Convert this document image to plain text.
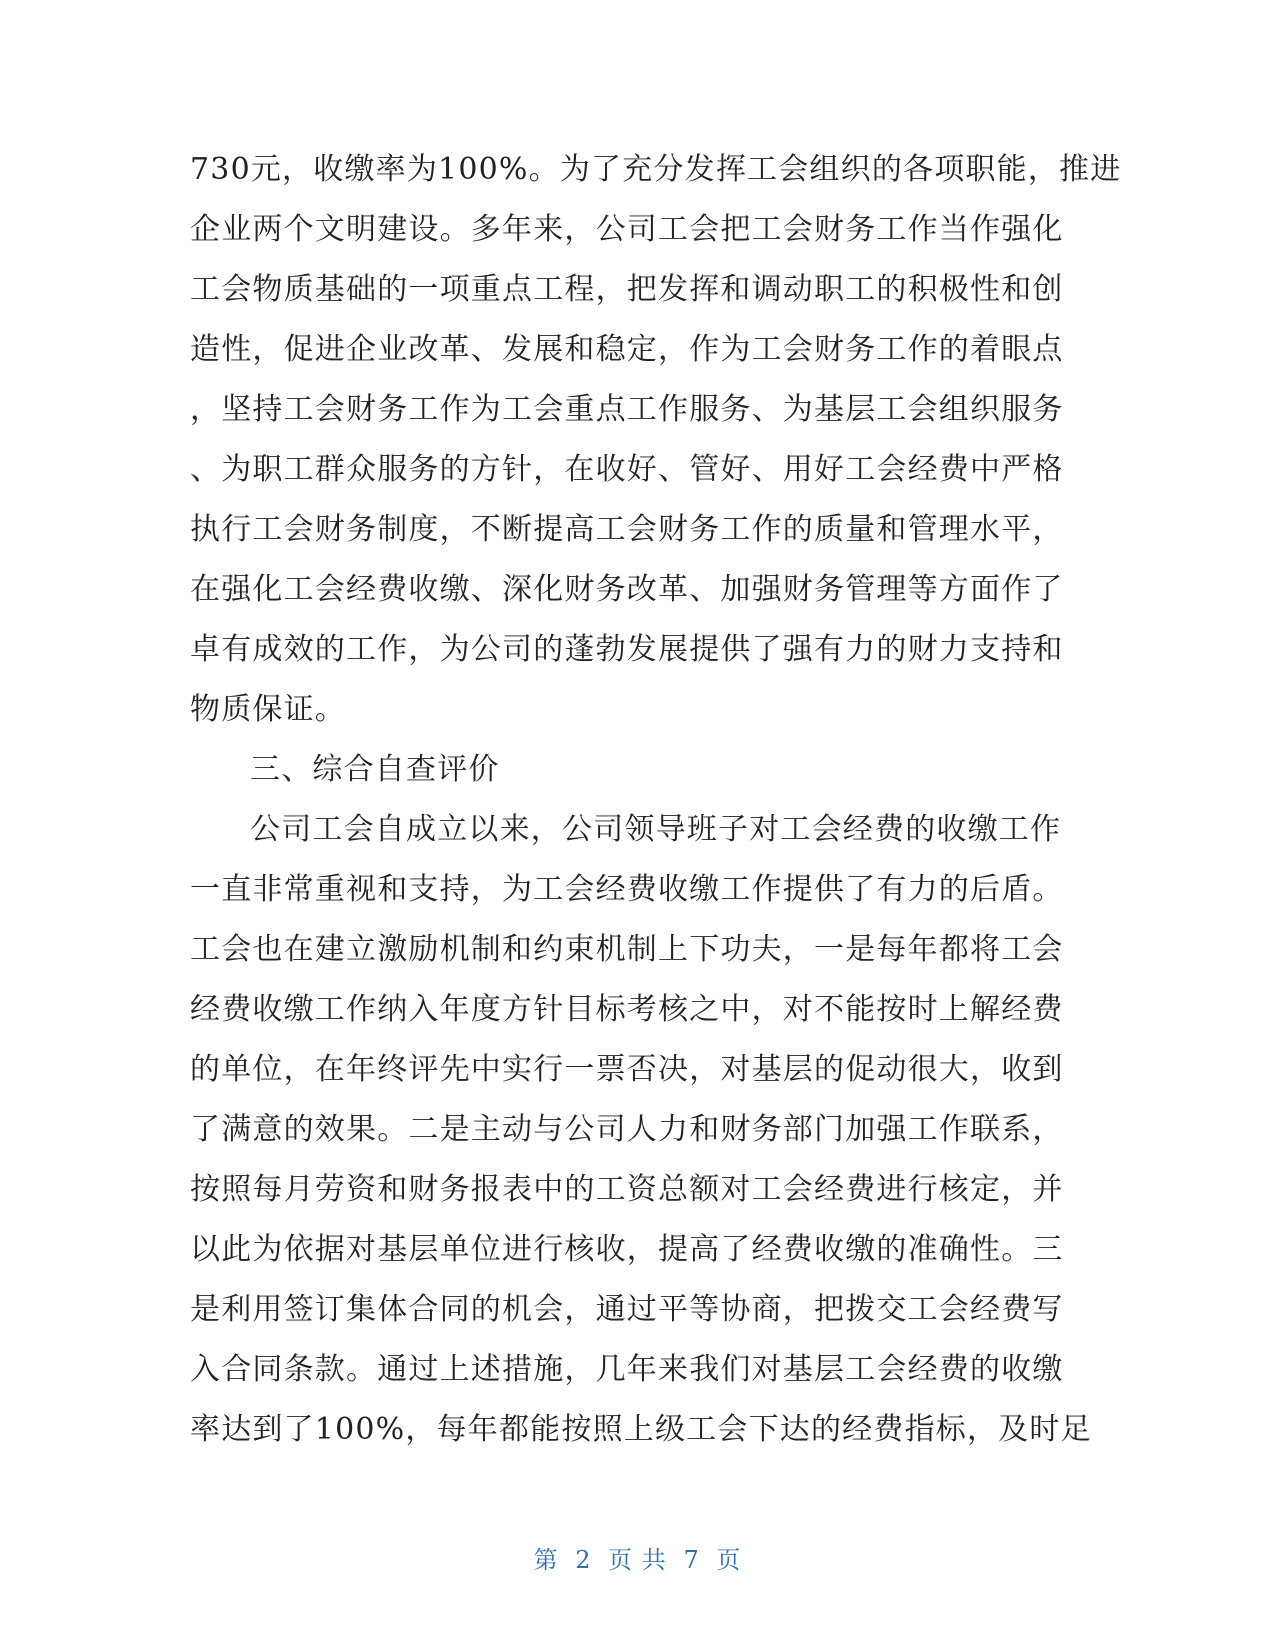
730元，收缴率为100%。为了充分发挥工会组织的各项职能，推进
企业两个文明建设。多年来，公司工会把工会财务工作当作强化
工会物质基础的一项重点工程，把发挥和调动职工的积极性和创
造性，促进企业改革、发展和稳定，作为工会财务工作的着眼点
，坚持工会财务工作为工会重点工作服务、为基层工会组织服务
、为职工群众服务的方针，在收好、管好、用好工会经费中严格
执行工会财务制度，不断提高工会财务工作的质量和管理水平，
在强化工会经费收缴、深化财务改革、加强财务管理等方面作了
卓有成效的工作，为公司的蓬勃发展提供了强有力的财力支持和
物质保证。
三、综合自查评价
公司工会自成立以来，公司领导班子对工会经费的收缴工作
一直非常重视和支持，为工会经费收缴工作提供了有力的后盾。
工会也在建立激励机制和约束机制上下功夫，一是每年都将工会
经费收缴工作纳入年度方针目标考核之中，对不能按时上解经费
的单位，在年终评先中实行一票否决，对基层的促动很大，收到
了满意的效果。二是主动与公司人力和财务部门加强工作联系，
按照每月劳资和财务报表中的工资总额对工会经费进行核定，并
以此为依据对基层单位进行核收，提高了经费收缴的准确性。三
是利用签订集体合同的机会，通过平等协商，把拨交工会经费写
入合同条款。通过上述措施，几年来我们对基层工会经费的收缴
率达到了100%，每年都能按照上级工会下达的经费指标，及时足
第 2 页 共 7 页
